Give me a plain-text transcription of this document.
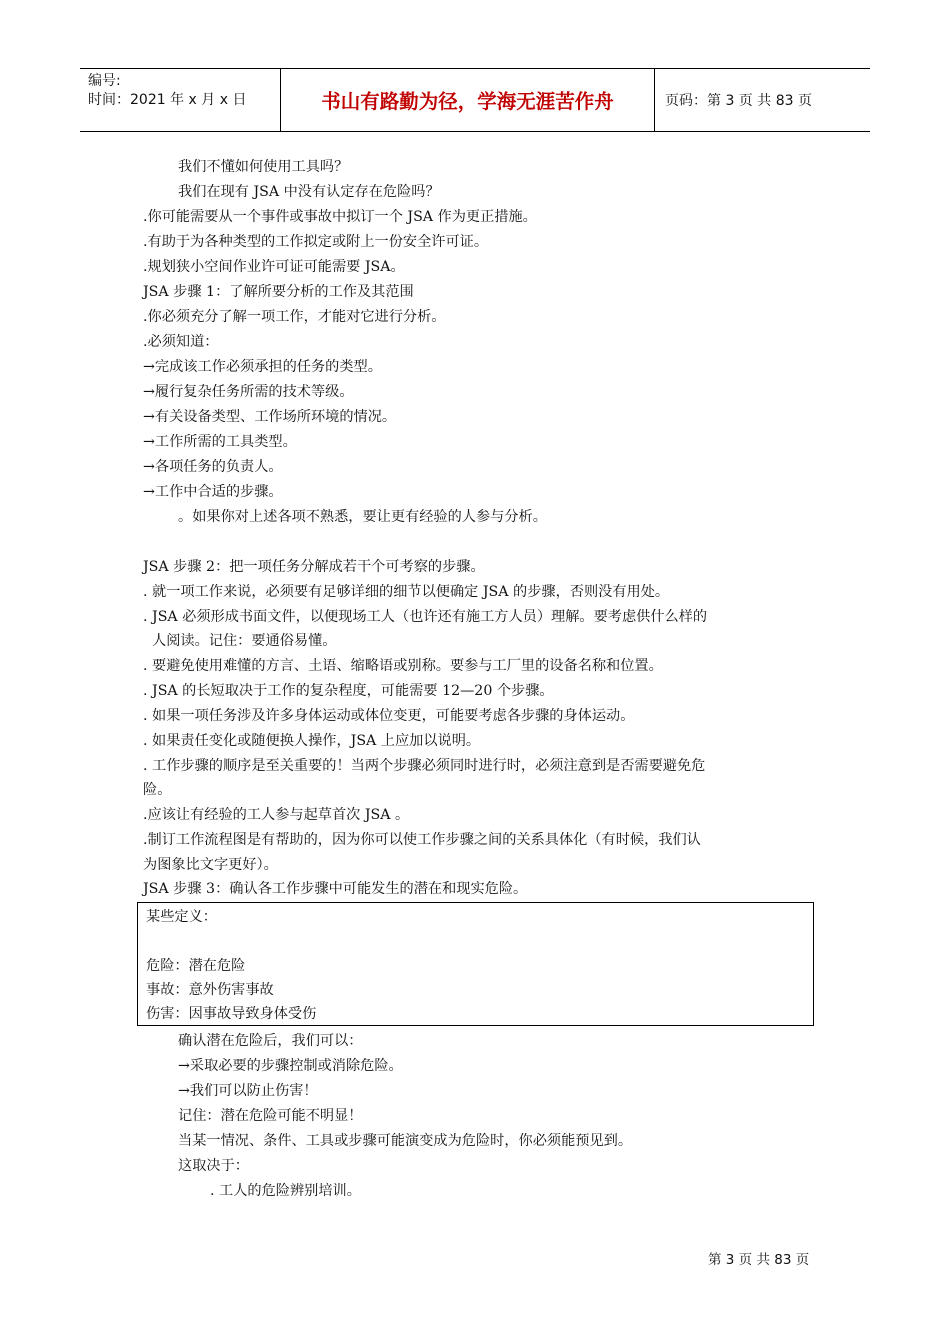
编号:
时间：2021 年 x 月 x 日	书山有路勤为径，学海无涯苦作舟	页码：第 3 页 共 83 页
我们不懂如何使用工具吗？
我们在现有 JSA 中没有认定存在危险吗？
.你可能需要从一个事件或事故中拟订一个 JSA 作为更正措施。
.有助于为各种类型的工作拟定或附上一份安全许可证。
.规划狭小空间作业许可证可能需要 JSA。
JSA 步骤 1：了解所要分析的工作及其范围
.你必须充分了解一项工作，才能对它进行分析。
.必须知道：
→完成该工作必须承担的任务的类型。
→履行复杂任务所需的技术等级。
→有关设备类型、工作场所环境的情况。
→工作所需的工具类型。
→各项任务的负责人。
→工作中合适的步骤。
。如果你对上述各项不熟悉，要让更有经验的人参与分析。
JSA 步骤 2：把一项任务分解成若干个可考察的步骤。
. 就一项工作来说，必须要有足够详细的细节以便确定 JSA 的步骤，否则没有用处。
. JSA 必须形成书面文件，以便现场工人（也许还有施工方人员）理解。要考虑供什么样的
人阅读。记住：要通俗易懂。
. 要避免使用难懂的方言、土语、缩略语或别称。要参与工厂里的设备名称和位置。
. JSA 的长短取决于工作的复杂程度，可能需要 12—20 个步骤。
. 如果一项任务涉及许多身体运动或体位变更，可能要考虑各步骤的身体运动。
. 如果责任变化或随便换人操作，JSA 上应加以说明。
. 工作步骤的顺序是至关重要的！当两个步骤必须同时进行时，必须注意到是否需要避免危
险。
.应该让有经验的工人参与起草首次 JSA 。
.制订工作流程图是有帮助的，因为你可以使工作步骤之间的关系具体化（有时候，我们认
为图象比文字更好）。
JSA 步骤 3：确认各工作步骤中可能发生的潜在和现实危险。
某些定义：
危险：潜在危险
事故：意外伤害事故
伤害：因事故导致身体受伤
确认潜在危险后，我们可以：
→采取必要的步骤控制或消除危险。
→我们可以防止伤害！
记住：潜在危险可能不明显！
当某一情况、条件、工具或步骤可能演变成为危险时，你必须能预见到。
这取决于：
. 工人的危险辨别培训。
第 3 页 共 83 页
